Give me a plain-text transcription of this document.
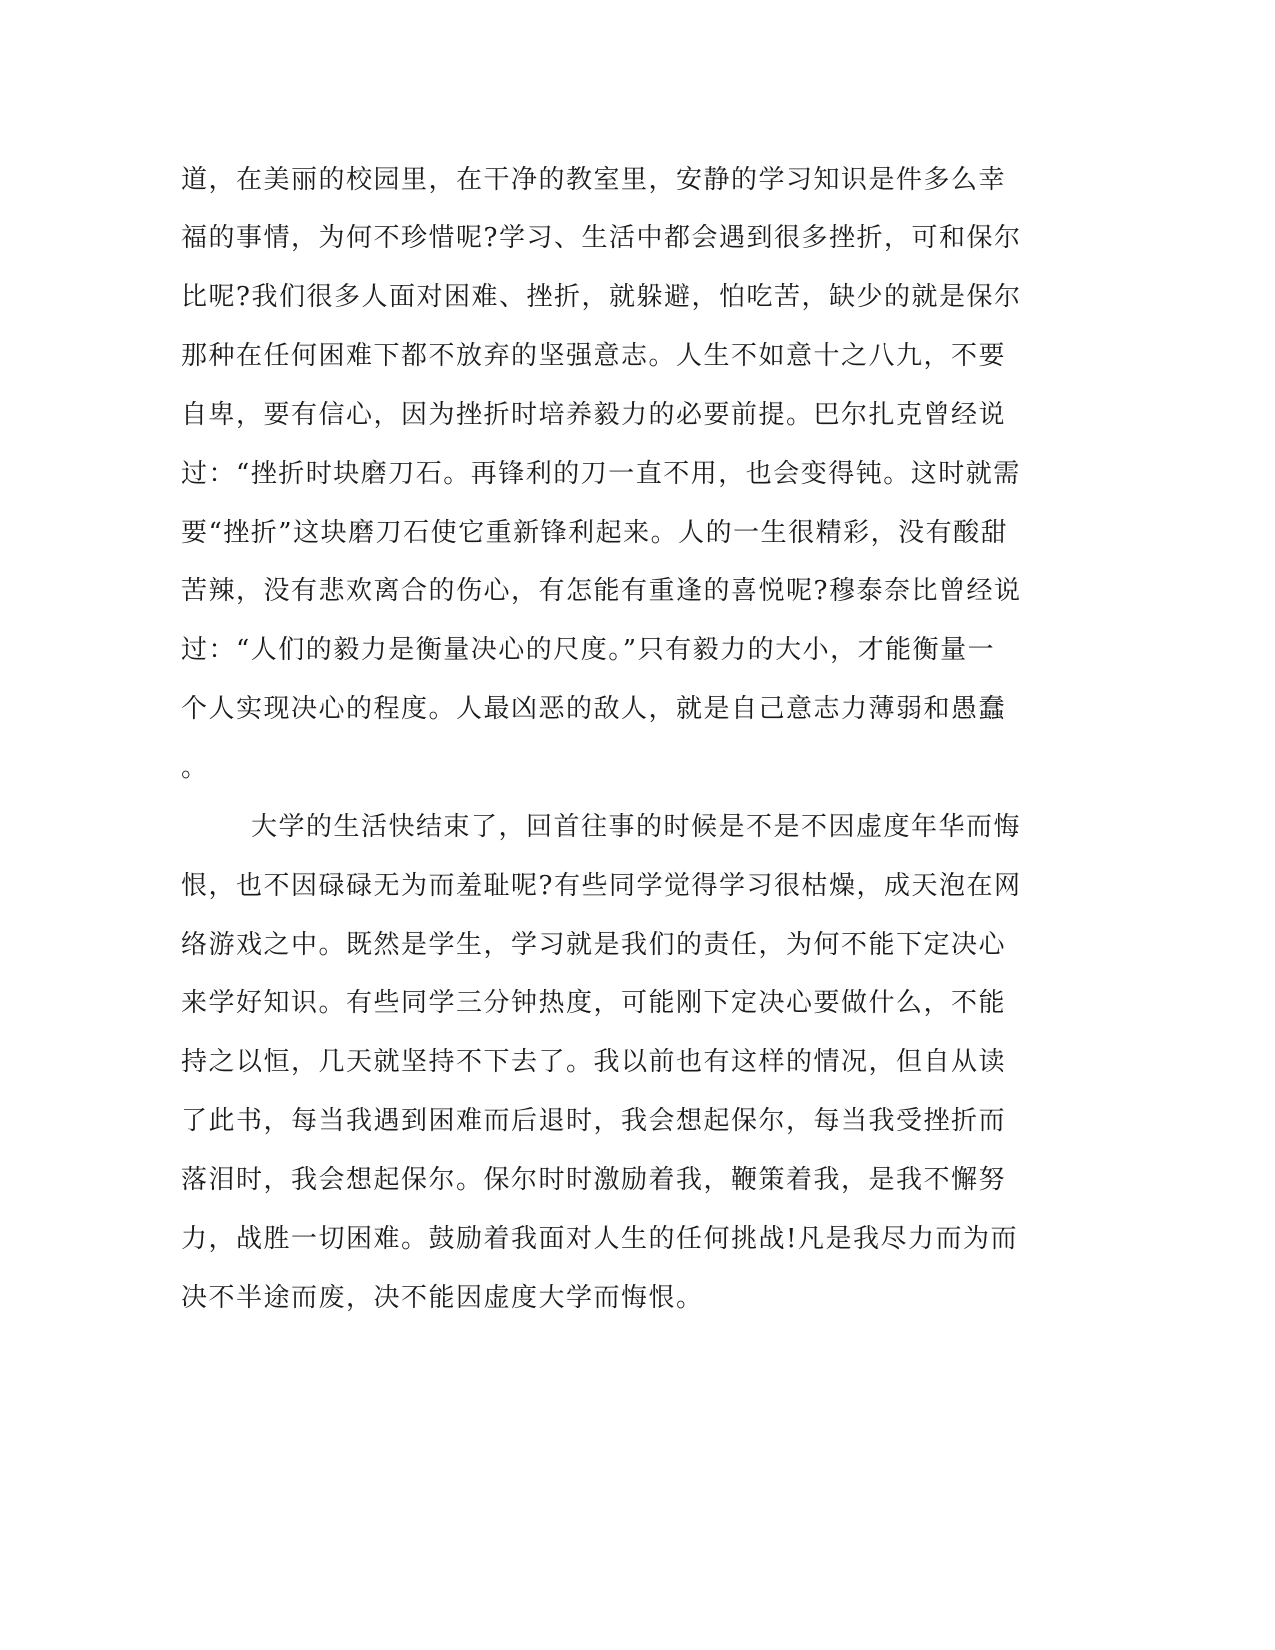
道，在美丽的校园里，在干净的教室里，安静的学习知识是件多么幸
福的事情，为何不珍惜呢?学习、生活中都会遇到很多挫折，可和保尔
比呢?我们很多人面对困难、挫折，就躲避，怕吃苦，缺少的就是保尔
那种在任何困难下都不放弃的坚强意志。人生不如意十之八九，不要
自卑，要有信心，因为挫折时培养毅力的必要前提。巴尔扎克曾经说
过：“挫折时块磨刀石。再锋利的刀一直不用，也会变得钝。这时就需
要“挫折”这块磨刀石使它重新锋利起来。人的一生很精彩，没有酸甜
苦辣，没有悲欢离合的伤心，有怎能有重逢的喜悦呢?穆泰奈比曾经说
过：“人们的毅力是衡量决心的尺度。”只有毅力的大小，才能衡量一
个人实现决心的程度。人最凶恶的敌人，就是自己意志力薄弱和愚蠢
。
大学的生活快结束了，回首往事的时候是不是不因虚度年华而悔
恨，也不因碌碌无为而羞耻呢?有些同学觉得学习很枯燥，成天泡在网
络游戏之中。既然是学生，学习就是我们的责任，为何不能下定决心
来学好知识。有些同学三分钟热度，可能刚下定决心要做什么，不能
持之以恒，几天就坚持不下去了。我以前也有这样的情况，但自从读
了此书，每当我遇到困难而后退时，我会想起保尔，每当我受挫折而
落泪时，我会想起保尔。保尔时时激励着我，鞭策着我，是我不懈努
力，战胜一切困难。鼓励着我面对人生的任何挑战!凡是我尽力而为而
决不半途而废，决不能因虚度大学而悔恨。
